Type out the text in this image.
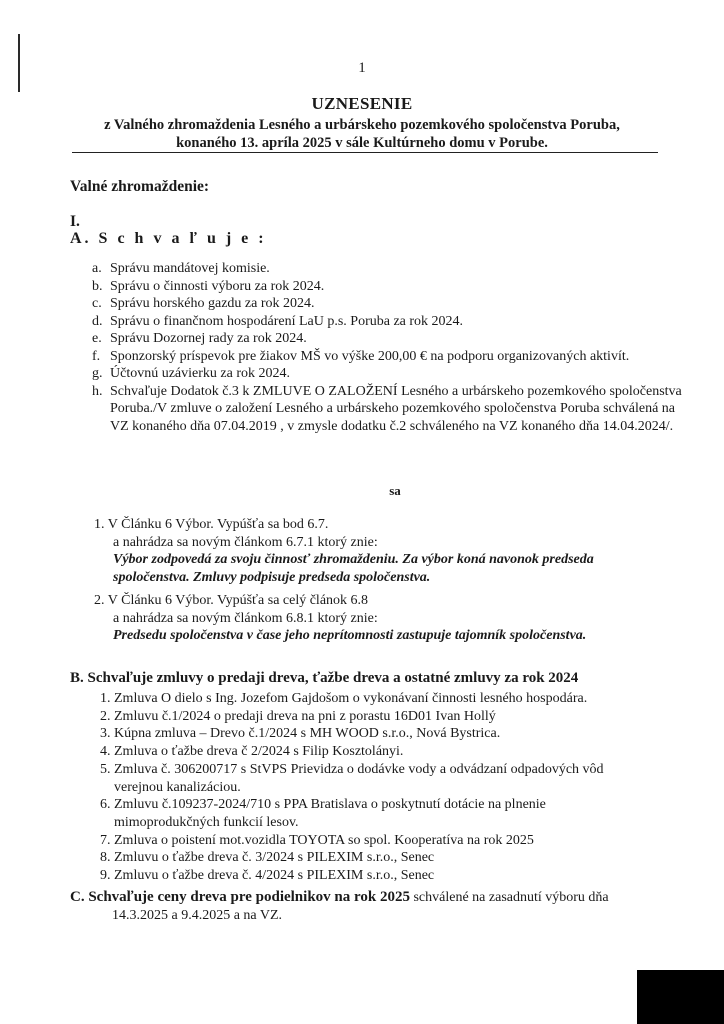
1
UZNESENIE
z Valného zhromaždenia Lesného a urbárskeho pozemkového spoločenstva Poruba,
konaného 13. apríla 2025 v sále Kultúrneho domu v Porube.
Valné zhromaždenie:
I.
A. S c h v a ľ u j e :
a. Správu mandátovej komisie.
b. Správu o činnosti výboru za rok 2024.
c. Správu horského gazdu za rok 2024.
d. Správu o finančnom hospodárení LaU p.s. Poruba za rok 2024.
e. Správu Dozornej rady za rok 2024.
f. Sponzorský príspevok pre žiakov MŠ vo výške 200,00 € na podporu organizovaných aktivít.
g. Účtovnú uzávierku za rok 2024.
h. Schvaľuje Dodatok č.3 k ZMLUVE O ZALOŽENÍ Lesného a urbárskeho pozemkového spoločenstva Poruba./V zmluve o založení Lesného a urbárskeho pozemkového spoločenstva Poruba schválená na VZ konaného dňa 07.04.2019 , v zmysle dodatku č.2 schváleného na VZ konaného dňa 14.04.2024/.
sa
1. V Článku 6 Výbor. Vypúšťa sa bod 6.7.
a nahrádza sa novým článkom 6.7.1 ktorý znie:
Výbor zodpovedá za svoju činnosť zhromaždeniu. Za výbor koná navonok predseda spoločenstva. Zmluvy podpisuje predseda spoločenstva.
2. V Článku 6 Výbor. Vypúšťa sa celý článok 6.8
a nahrádza sa novým článkom 6.8.1 ktorý znie:
Predsedu spoločenstva v čase jeho neprítomnosti zastupuje tajomník spoločenstva.
B. Schvaľuje zmluvy o predaji dreva, ťažbe dreva a ostatné zmluvy za rok 2024
1. Zmluva O dielo s Ing. Jozefom Gajdošom o vykonávaní činnosti lesného hospodára.
2. Zmluvu č.1/2024 o predaji dreva na pni z porastu 16D01 Ivan Hollý
3. Kúpna zmluva – Drevo č.1/2024 s MH WOOD s.r.o., Nová Bystrica.
4. Zmluva o ťažbe dreva č 2/2024 s Filip Kosztolányi.
5. Zmluva č. 306200717 s StVPS Prievidza o dodávke vody a odvádzaní odpadových vôd
verejnou kanalizáciou.
6. Zmluvu č.109237-2024/710 s PPA Bratislava o poskytnutí dotácie na plnenie
mimoprodukčných funkcií lesov.
7. Zmluva o poistení mot.vozidla TOYOTA so spol. Kooperatíva na rok 2025
8. Zmluvu o ťažbe dreva č. 3/2024 s PILEXIM s.r.o., Senec
9. Zmluvu o ťažbe dreva č. 4/2024 s PILEXIM s.r.o., Senec
C. Schvaľuje ceny dreva pre podielnikov na rok 2025 schválené na zasadnutí výboru dňa
14.3.2025 a 9.4.2025 a na VZ.
